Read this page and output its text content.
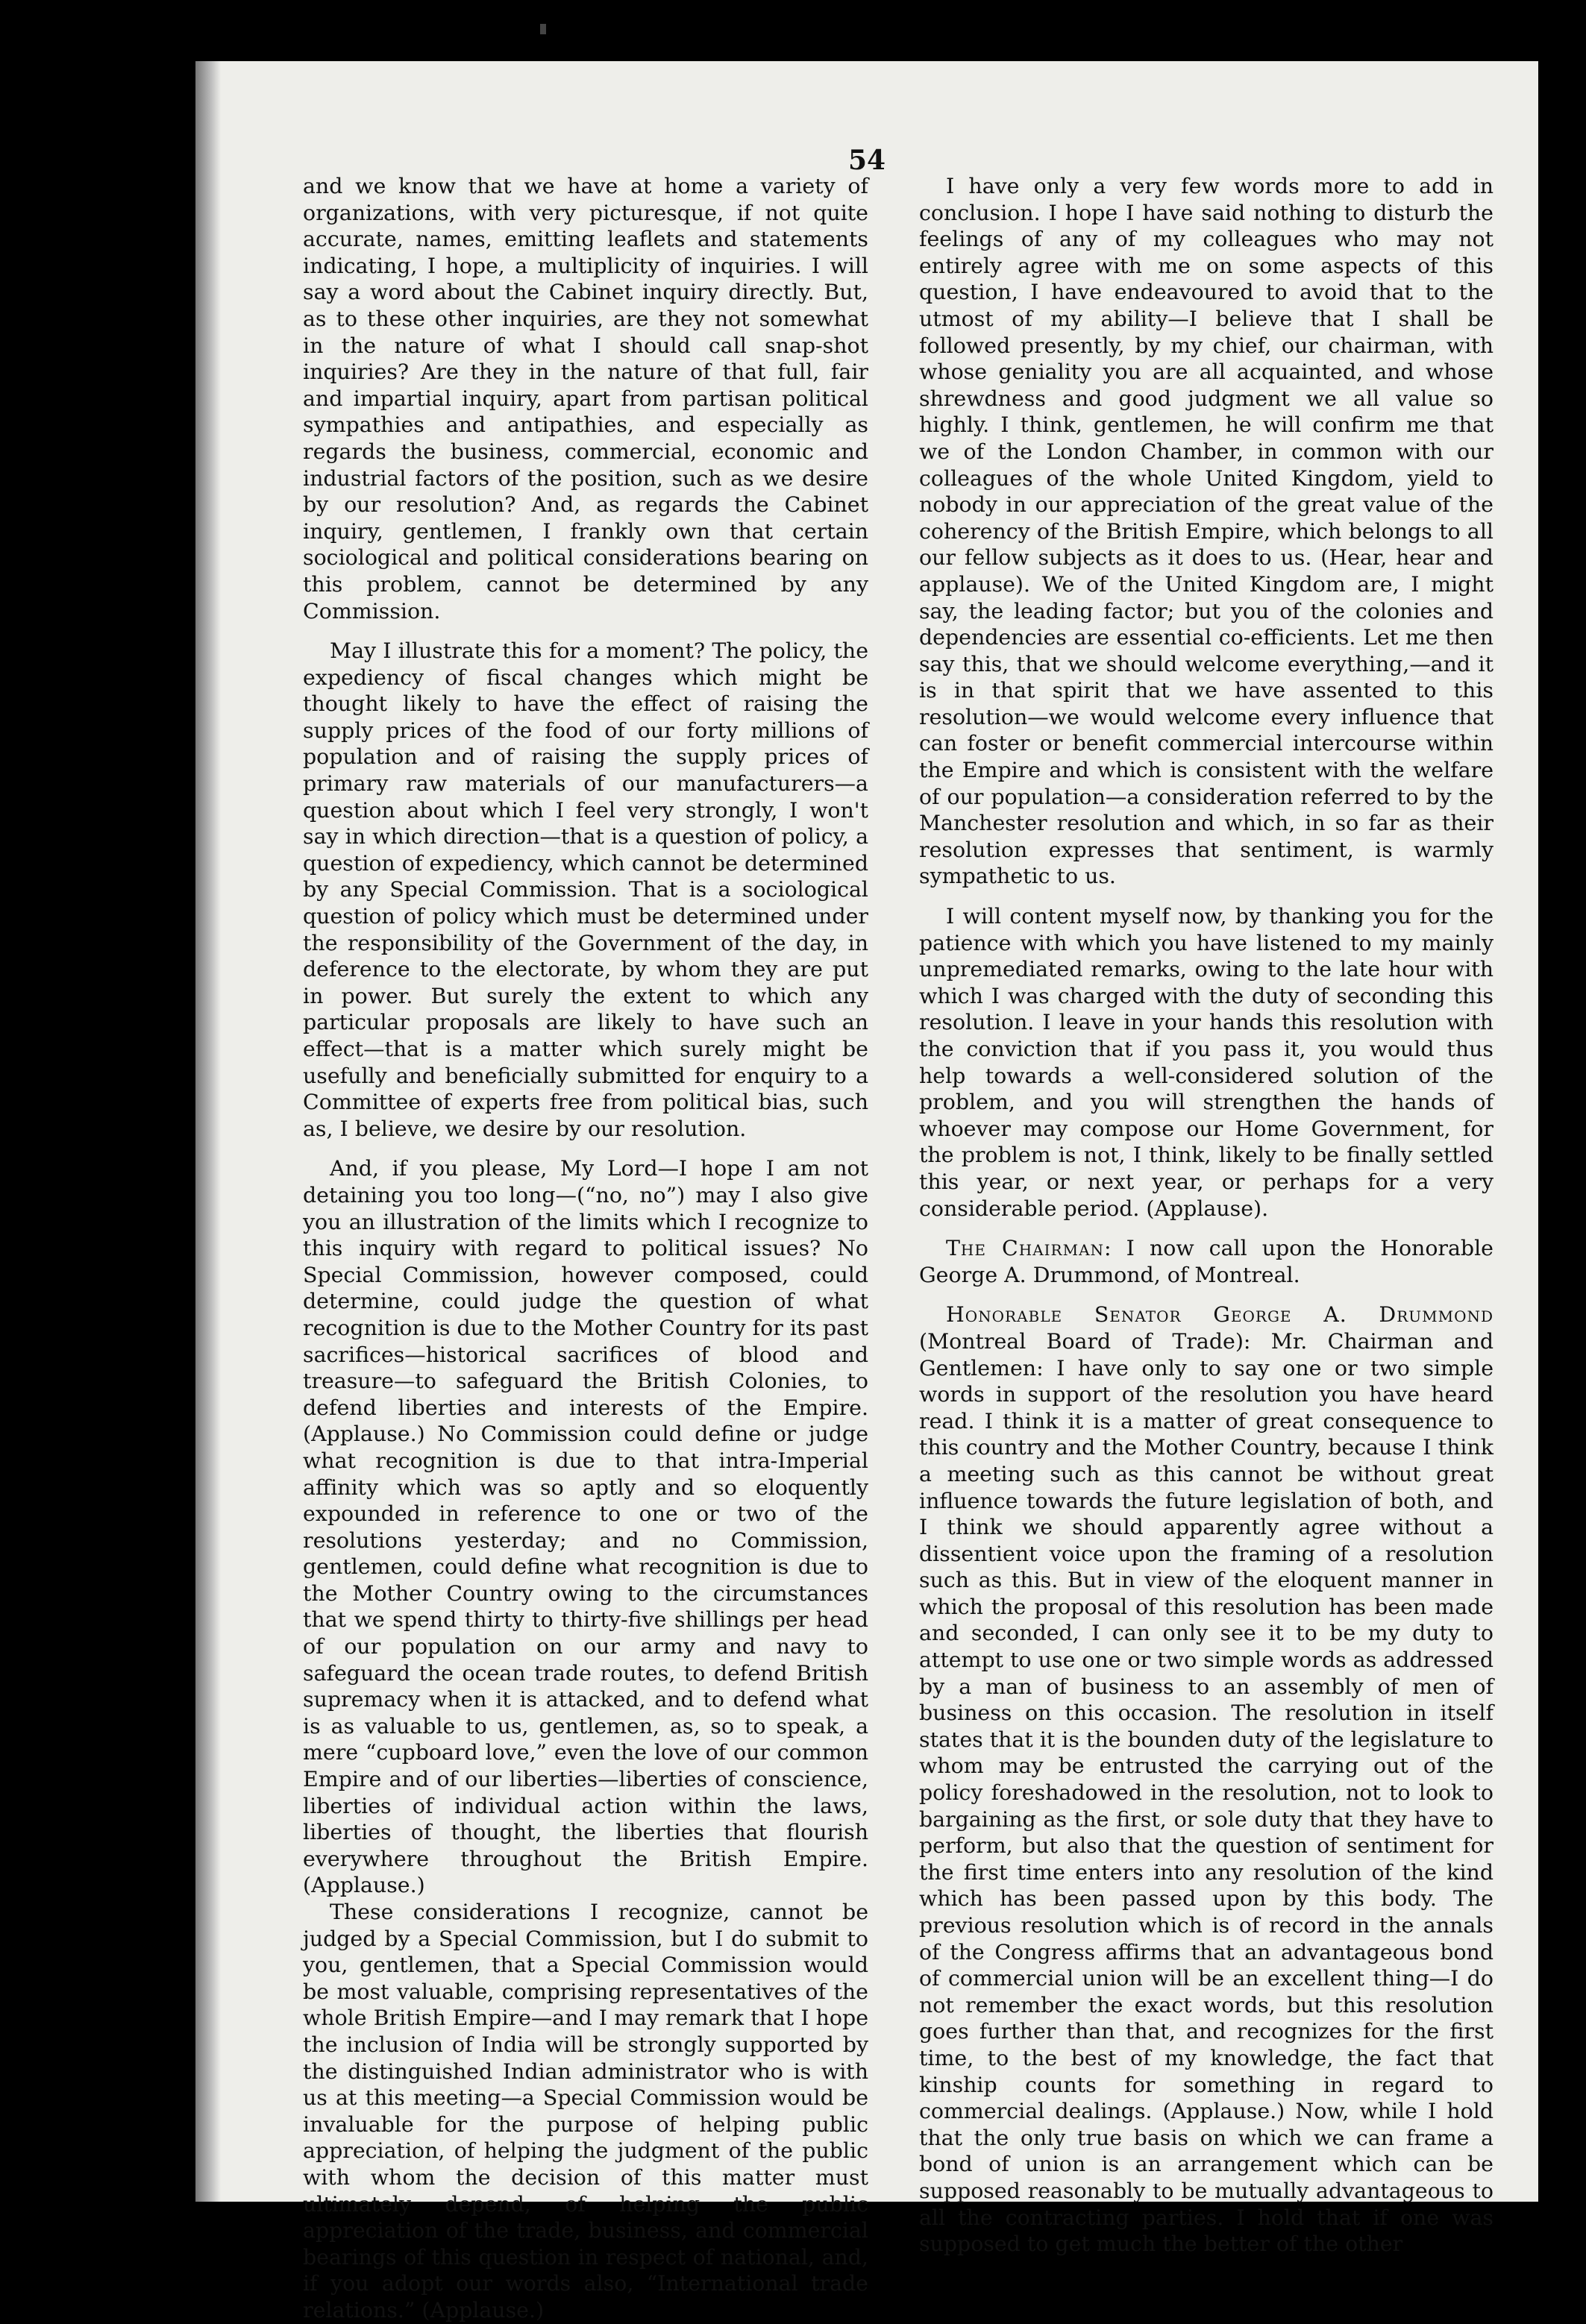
54

and we know that we have at home a variety of organizations, with very picturesque, if not quite accurate, names, emitting leaflets and statements indicating, I hope, a multiplicity of inquiries. I will say a word about the Cabinet inquiry directly. But, as to these other inquiries, are they not somewhat in the nature of what I should call snap-shot inquiries? Are they in the nature of that full, fair and impartial inquiry, apart from partisan political sympathies and antipathies, and especially as regards the business, commercial, economic and industrial factors of the position, such as we desire by our resolution? And, as regards the Cabinet inquiry, gentlemen, I frankly own that certain sociological and political considerations bearing on this problem, cannot be determined by any Commission.

May I illustrate this for a moment? The policy, the expediency of fiscal changes which might be thought likely to have the effect of raising the supply prices of the food of our forty millions of population and of raising the supply prices of primary raw materials of our manufacturers—a question about which I feel very strongly, I won't say in which direction—that is a question of policy, a question of expediency, which cannot be determined by any Special Commission. That is a sociological question of policy which must be determined under the responsibility of the Government of the day, in deference to the electorate, by whom they are put in power. But surely the extent to which any particular proposals are likely to have such an effect—that is a matter which surely might be usefully and beneficially submitted for enquiry to a Committee of experts free from political bias, such as, I believe, we desire by our resolution.

And, if you please, My Lord—I hope I am not detaining you too long—(“no, no”) may I also give you an illustration of the limits which I recognize to this inquiry with regard to political issues? No Special Commission, however composed, could determine, could judge the question of what recognition is due to the Mother Country for its past sacrifices—historical sacrifices of blood and treasure—to safeguard the British Colonies, to defend liberties and interests of the Empire. (Applause.) No Commission could define or judge what recognition is due to that intra-Imperial affinity which was so aptly and so eloquently expounded in reference to one or two of the resolutions yesterday; and no Commission, gentlemen, could define what recognition is due to the Mother Country owing to the circumstances that we spend thirty to thirty-five shillings per head of our population on our army and navy to safeguard the ocean trade routes, to defend British supremacy when it is attacked, and to defend what is as valuable to us, gentlemen, as, so to speak, a mere “cupboard love,” even the love of our common Empire and of our liberties—liberties of conscience, liberties of individual action within the laws, liberties of thought, the liberties that flourish everywhere throughout the British Empire. (Applause.)

These considerations I recognize, cannot be judged by a Special Commission, but I do submit to you, gentlemen, that a Special Commission would be most valuable, comprising representatives of the whole British Empire—and I may remark that I hope the inclusion of India will be strongly supported by the distinguished Indian administrator who is with us at this meeting—a Special Commission would be invaluable for the purpose of helping public appreciation, of helping the judgment of the public with whom the decision of this matter must ultimately depend, of helping the public appreciation of the trade, business, and commercial bearings of this question in respect of national, and, if you adopt our words also, “International trade relations.” (Applause.)

I have only a very few words more to add in conclusion. I hope I have said nothing to disturb the feelings of any of my colleagues who may not entirely agree with me on some aspects of this question, I have endeavoured to avoid that to the utmost of my ability—I believe that I shall be followed presently, by my chief, our chairman, with whose geniality you are all acquainted, and whose shrewdness and good judgment we all value so highly. I think, gentlemen, he will confirm me that we of the London Chamber, in common with our colleagues of the whole United Kingdom, yield to nobody in our appreciation of the great value of the coherency of the British Empire, which belongs to all our fellow subjects as it does to us. (Hear, hear and applause). We of the United Kingdom are, I might say, the leading factor; but you of the colonies and dependencies are essential co-efficients. Let me then say this, that we should welcome everything,—and it is in that spirit that we have assented to this resolution—we would welcome every influence that can foster or benefit commercial intercourse within the Empire and which is consistent with the welfare of our population—a consideration referred to by the Manchester resolution and which, in so far as their resolution expresses that sentiment, is warmly sympathetic to us.

I will content myself now, by thanking you for the patience with which you have listened to my mainly unpremediated remarks, owing to the late hour with which I was charged with the duty of seconding this resolution. I leave in your hands this resolution with the conviction that if you pass it, you would thus help towards a well-considered solution of the problem, and you will strengthen the hands of whoever may compose our Home Government, for the problem is not, I think, likely to be finally settled this year, or next year, or perhaps for a very considerable period. (Applause).

The Chairman: I now call upon the Honorable George A. Drummond, of Montreal.

Honorable Senator George A. Drummond (Montreal Board of Trade): Mr. Chairman and Gentlemen: I have only to say one or two simple words in support of the resolution you have heard read. I think it is a matter of great consequence to this country and the Mother Country, because I think a meeting such as this cannot be without great influence towards the future legislation of both, and I think we should apparently agree without a dissentient voice upon the framing of a resolution such as this. But in view of the eloquent manner in which the proposal of this resolution has been made and seconded, I can only see it to be my duty to attempt to use one or two simple words as addressed by a man of business to an assembly of men of business on this occasion. The resolution in itself states that it is the bounden duty of the legislature to whom may be entrusted the carrying out of the policy foreshadowed in the resolution, not to look to bargaining as the first, or sole duty that they have to perform, but also that the question of sentiment for the first time enters into any resolution of the kind which has been passed upon by this body. The previous resolution which is of record in the annals of the Congress affirms that an advantageous bond of commercial union will be an excellent thing—I do not remember the exact words, but this resolution goes further than that, and recognizes for the first time, to the best of my knowledge, the fact that kinship counts for something in regard to commercial dealings. (Applause.) Now, while I hold that the only true basis on which we can frame a bond of union is an arrangement which can be supposed reasonably to be mutually advantageous to all the contracting parties. I hold that if one was supposed to get much the better of the other
